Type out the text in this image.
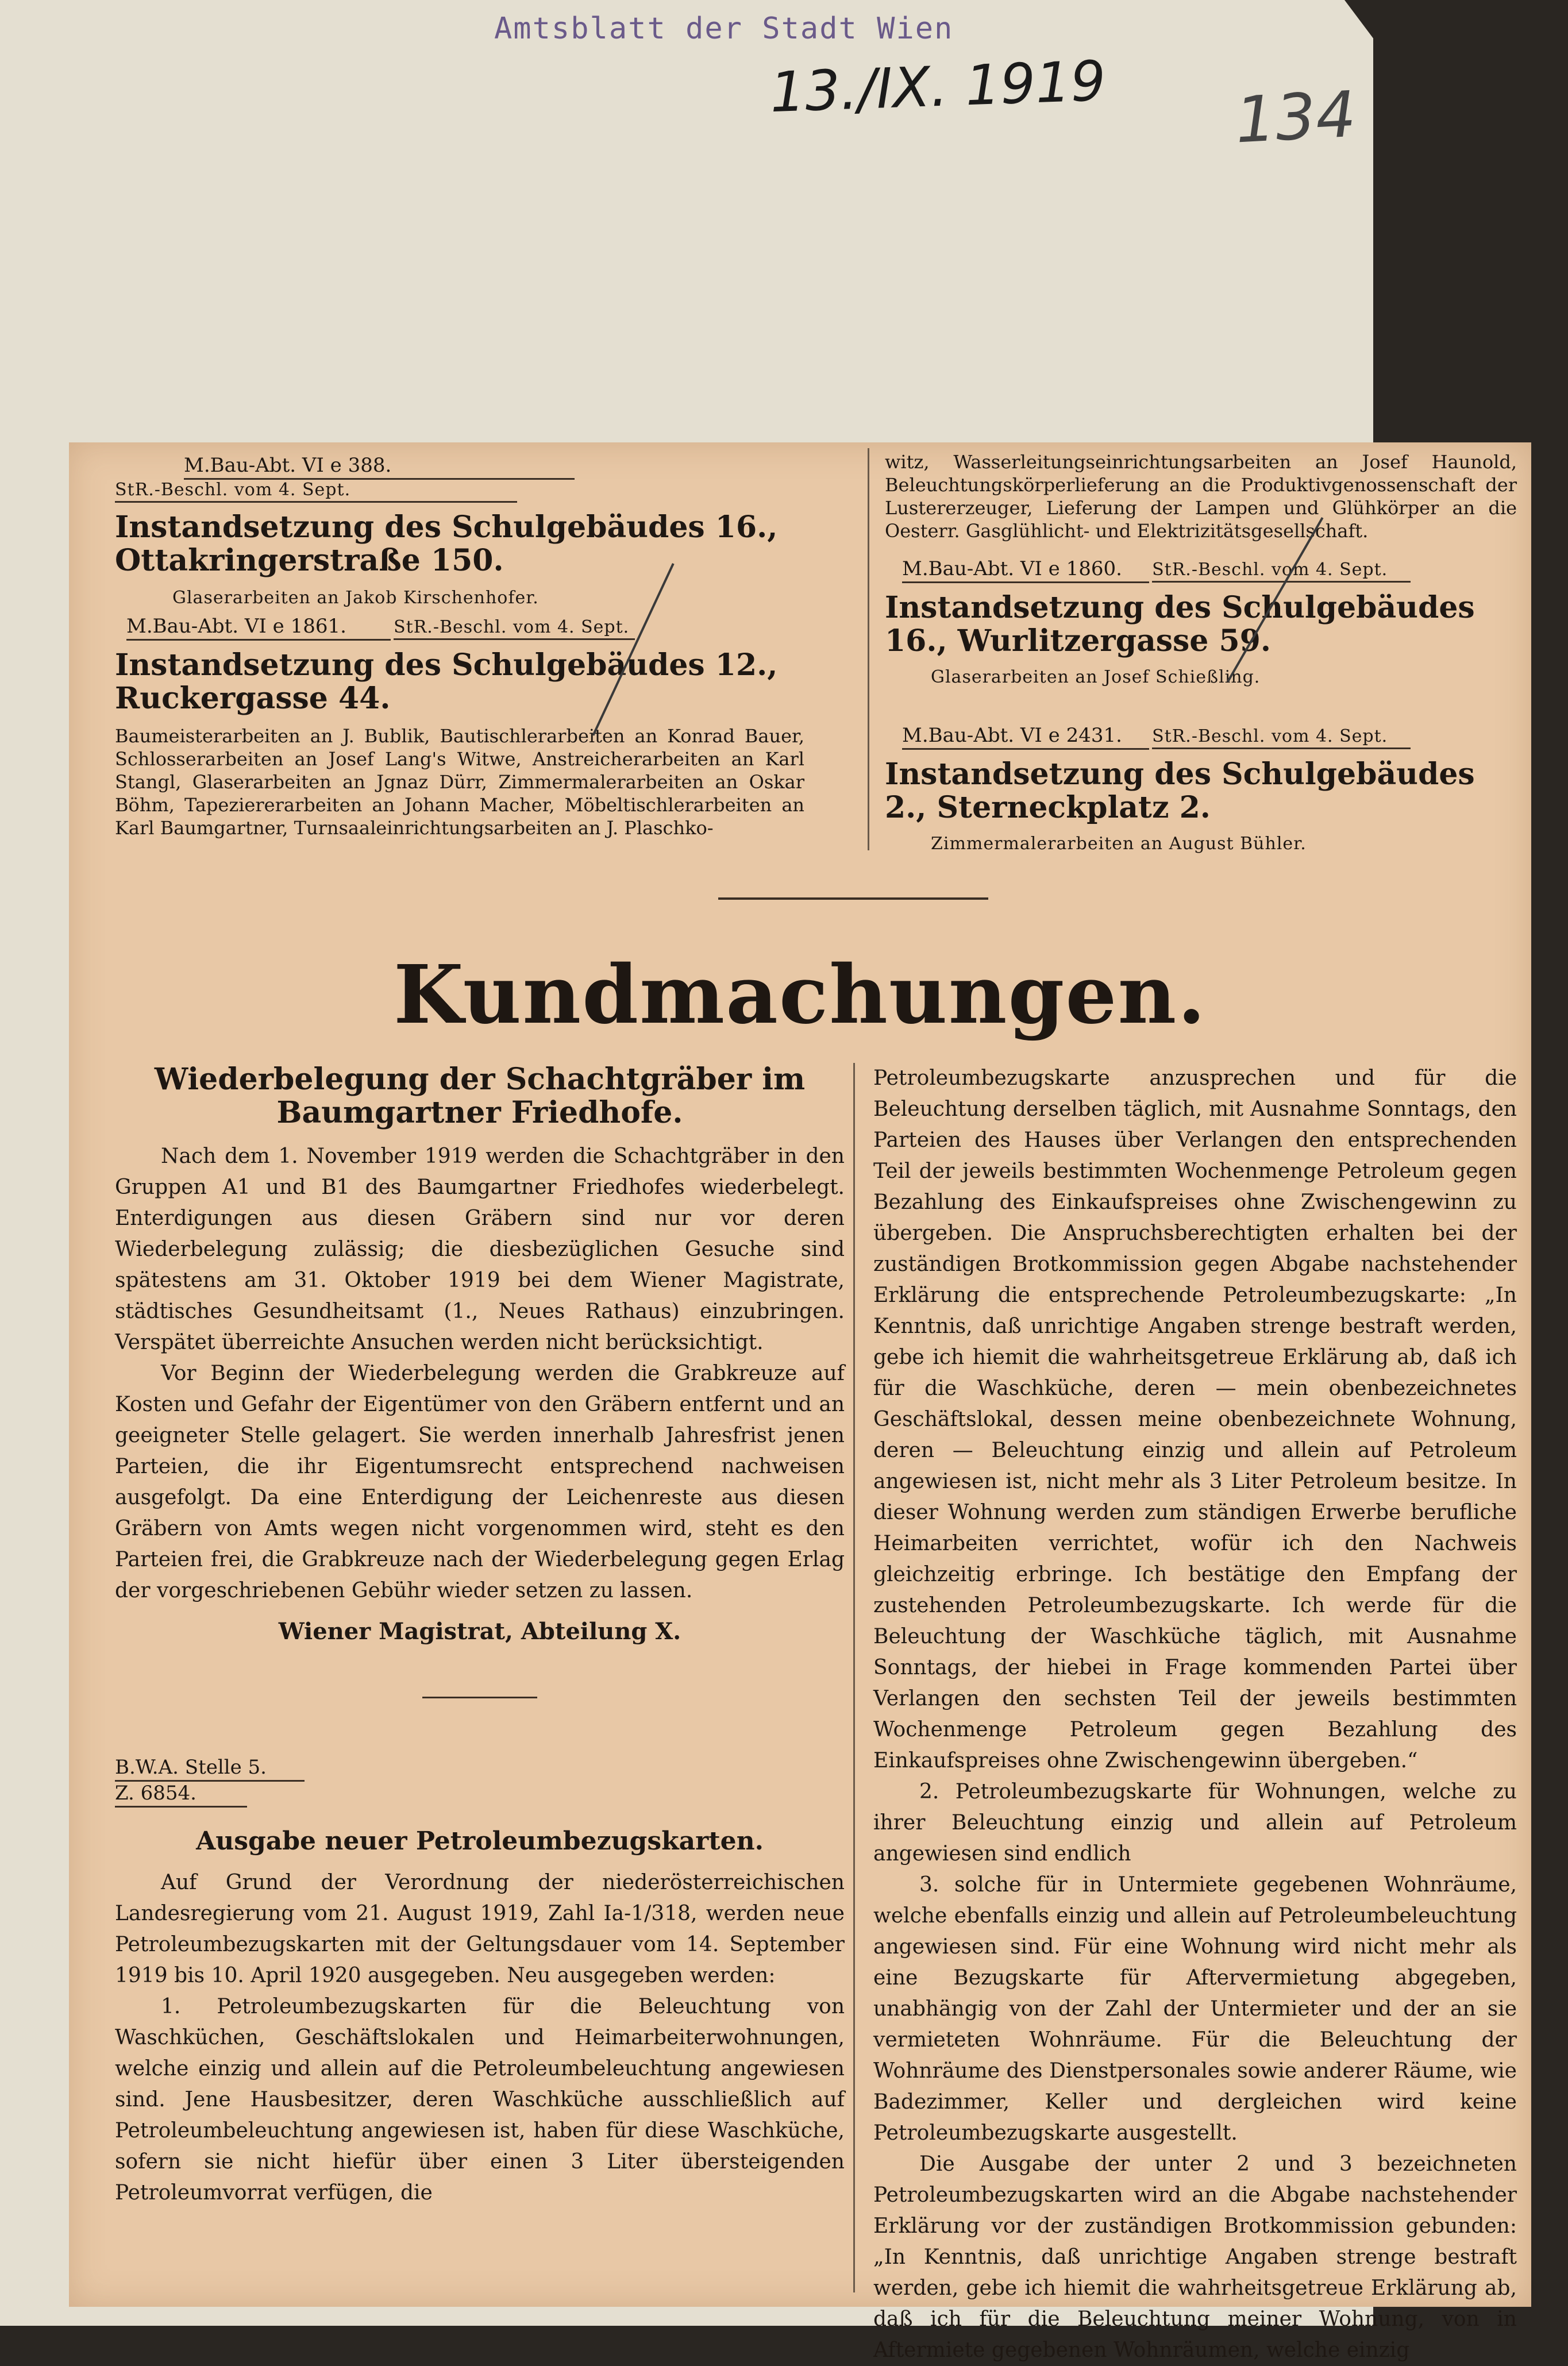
Amtsblatt der Stadt Wien
13./IX. 1919 134
M.Bau-Abt. VI e 388. StR.-Beschl. vom 4. Sept.
Instandsetzung des Schulgebäudes 16., Ottakringerstraße 150.
Glaserarbeiten an Jakob Kirschenhofer.
M.Bau-Abt. VI e 1861.	StR.-Beschl. vom 4. Sept.
Instandsetzung des Schulgebäudes 12., Ruckergasse 44.
Baumeisterarbeiten an J. Bublik, Bautischlerarbeiten an Konrad Bauer, Schlosserarbeiten an Josef Lang's Witwe, Anstreicherarbeiten an Karl Stangl, Glaserarbeiten an Jgnaz Dürr, Zimmermalerarbeiten an Oskar Böhm, Tapeziererarbeiten an Johann Macher, Möbeltischlerarbeiten an Karl Baumgartner, Turnsaaleinrichtungsarbeiten an J. Plaschko-
witz, Wasserleitungseinrichtungsarbeiten an Josef Haunold, Beleuchtungskörperlieferung an die Produktivgenossenschaft der Lustererzeuger, Lieferung der Lampen und Glühkörper an die Oesterr. Gasglühlicht- und Elektrizitätsgesellschaft.
M.Bau-Abt. VI e 1860. StR.-Beschl. vom 4. Sept.
Instandsetzung des Schulgebäudes 16., Wurlitzergasse 59.
Glaserarbeiten an Josef Schießling.
M.Bau-Abt. VI e 2431. StR.-Beschl. vom 4. Sept.
Instandsetzung des Schulgebäudes 2., Sterneckplatz 2.
Zimmermalerarbeiten an August Bühler.
Kundmachungen.
Wiederbelegung der Schachtgräber im Baumgartner Friedhofe.
Nach dem 1. November 1919 werden die Schachtgräber in den Gruppen A1 und B1 des Baumgartner Friedhofes wiederbelegt. Enterdigungen aus diesen Gräbern sind nur vor deren Wiederbelegung zulässig; die diesbezüglichen Gesuche sind spätestens am 31. Oktober 1919 bei dem Wiener Magistrate, städtisches Gesundheitsamt (1., Neues Rathaus) einzubringen. Verspätet überreichte Ansuchen werden nicht berücksichtigt.
Vor Beginn der Wiederbelegung werden die Grabkreuze auf Kosten und Gefahr der Eigentümer von den Gräbern entfernt und an geeigneter Stelle gelagert. Sie werden innerhalb Jahresfrist jenen Parteien, die ihr Eigentumsrecht entsprechend nachweisen ausgefolgt. Da eine Enterdigung der Leichenreste aus diesen Gräbern von Amts wegen nicht vorgenommen wird, steht es den Parteien frei, die Grabkreuze nach der Wiederbelegung gegen Erlag der vorgeschriebenen Gebühr wieder setzen zu lassen.
Wiener Magistrat, Abteilung X.
B.W.A. Stelle 5.
Z. 6854.
Ausgabe neuer Petroleumbezugskarten.
Auf Grund der Verordnung der niederösterreichischen Landesregierung vom 21. August 1919, Zahl Ia-1/318, werden neue Petroleumbezugskarten mit der Geltungsdauer vom 14. September 1919 bis 10. April 1920 ausgegeben. Neu ausgegeben werden:
1. Petroleumbezugskarten für die Beleuchtung von Waschküchen, Geschäftslokalen und Heimarbeiterwohnungen, welche einzig und allein auf die Petroleumbeleuchtung angewiesen sind. Jene Hausbesitzer, deren Waschküche ausschließlich auf Petroleumbeleuchtung angewiesen ist, haben für diese Waschküche, sofern sie nicht hiefür über einen 3 Liter übersteigenden Petroleumvorrat verfügen, die
Petroleumbezugskarte anzusprechen und für die Beleuchtung derselben täglich, mit Ausnahme Sonntags, den Parteien des Hauses über Verlangen den entsprechenden Teil der jeweils bestimmten Wochenmenge Petroleum gegen Bezahlung des Einkaufspreises ohne Zwischengewinn zu übergeben. Die Anspruchsberechtigten erhalten bei der zuständigen Brotkommission gegen Abgabe nachstehender Erklärung die entsprechende Petroleumbezugskarte: „In Kenntnis, daß unrichtige Angaben strenge bestraft werden, gebe ich hiemit die wahrheitsgetreue Erklärung ab, daß ich für die Waschküche, deren — mein obenbezeichnetes Geschäftslokal, dessen meine obenbezeichnete Wohnung, deren — Beleuchtung einzig und allein auf Petroleum angewiesen ist, nicht mehr als 3 Liter Petroleum besitze. In dieser Wohnung werden zum ständigen Erwerbe berufliche Heimarbeiten verrichtet, wofür ich den Nachweis gleichzeitig erbringe. Ich bestätige den Empfang der zustehenden Petroleumbezugskarte. Ich werde für die Beleuchtung der Waschküche täglich, mit Ausnahme Sonntags, der hiebei in Frage kommenden Partei über Verlangen den sechsten Teil der jeweils bestimmten Wochenmenge Petroleum gegen Bezahlung des Einkaufspreises ohne Zwischengewinn übergeben.“
2. Petroleumbezugskarte für Wohnungen, welche zu ihrer Beleuchtung einzig und allein auf Petroleum angewiesen sind endlich
3. solche für in Untermiete gegebenen Wohnräume, welche ebenfalls einzig und allein auf Petroleumbeleuchtung angewiesen sind. Für eine Wohnung wird nicht mehr als eine Bezugskarte für Aftervermietung abgegeben, unabhängig von der Zahl der Untermieter und der an sie vermieteten Wohnräume. Für die Beleuchtung der Wohnräume des Dienstpersonales sowie anderer Räume, wie Badezimmer, Keller und dergleichen wird keine Petroleumbezugskarte ausgestellt.
Die Ausgabe der unter 2 und 3 bezeichneten Petroleumbezugskarten wird an die Abgabe nachstehender Erklärung vor der zuständigen Brotkommission gebunden: „In Kenntnis, daß unrichtige Angaben strenge bestraft werden, gebe ich hiemit die wahrheitsgetreue Erklärung ab, daß ich für die Beleuchtung meiner Wohnung, von in Aftermiete gegebenen Wohnräumen, welche einzig
